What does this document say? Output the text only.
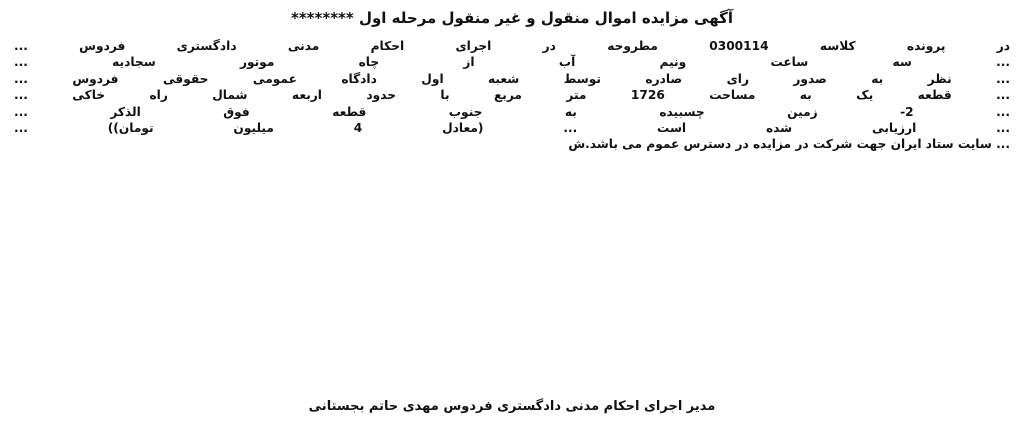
آگهی مزایده اموال منقول و غیر منقول مرحله اول ********
در پرونده کلاسه 0300114 مطروحه در اجرای احکام مدنی دادگستری فردوس ...
... سه ساعت ونیم آب از چاه موتور سجادیه ...
... نظر به صدور رای صادره توسط شعبه اول دادگاه عمومی حقوقی فردوس ...
... قطعه یک به مساحت 1726 متر مربع با حدود اربعه شمال راه خاکی ...
... 2- زمین چسبیده به جنوب قطعه فوق الذکر ...
... ارزیابی شده است ... (معادل 4 میلیون تومان)) ...
... سایت ستاد ایران جهت شرکت در مزایده در دسترس عموم می باشد.ش
مدیر اجرای احکام مدنی دادگستری فردوس مهدی حاتم بجستانی
